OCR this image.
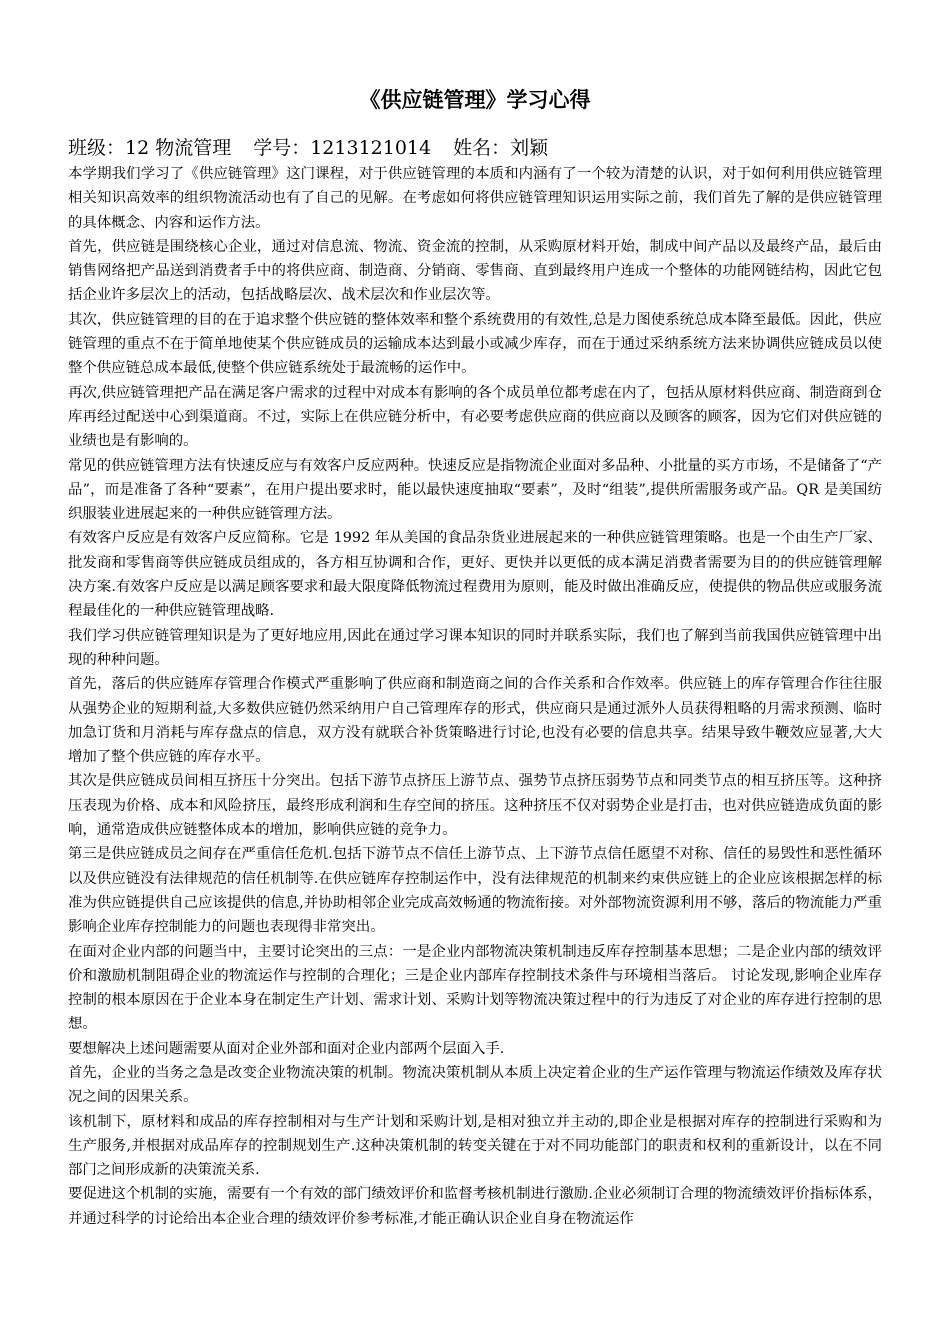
《供应链管理》学习心得
班级：12 物流管理 学号：1213121014 姓名：刘颖

本学期我们学习了《供应链管理》这门课程，对于供应链管理的本质和内涵有了一个较为清楚的认识，对于如何利用供应链管理相关知识高效率的组织物流活动也有了自己的见解。在考虑如何将供应链管理知识运用实际之前，我们首先了解的是供应链管理的具体概念、内容和运作方法。

首先，供应链是围绕核心企业，通过对信息流、物流、资金流的控制，从采购原材料开始，制成中间产品以及最终产品，最后由销售网络把产品送到消费者手中的将供应商、制造商、分销商、零售商、直到最终用户连成一个整体的功能网链结构，因此它包括企业许多层次上的活动，包括战略层次、战术层次和作业层次等。

其次，供应链管理的目的在于追求整个供应链的整体效率和整个系统费用的有效性,总是力图使系统总成本降至最低。因此，供应链管理的重点不在于简单地使某个供应链成员的运输成本达到最小或减少库存，而在于通过采纳系统方法来协调供应链成员以使整个供应链总成本最低,使整个供应链系统处于最流畅的运作中。

再次,供应链管理把产品在满足客户需求的过程中对成本有影响的各个成员单位都考虑在内了，包括从原材料供应商、制造商到仓库再经过配送中心到渠道商。不过，实际上在供应链分析中，有必要考虑供应商的供应商以及顾客的顾客，因为它们对供应链的业绩也是有影响的。

常见的供应链管理方法有快速反应与有效客户反应两种。快速反应是指物流企业面对多品种、小批量的买方市场，不是储备了“产品”，而是准备了各种“要素”，在用户提出要求时，能以最快速度抽取“要素”，及时“组装”,提供所需服务或产品。QR 是美国纺织服装业进展起来的一种供应链管理方法。

有效客户反应是有效客户反应简称。它是 1992 年从美国的食品杂货业进展起来的一种供应链管理策略。也是一个由生产厂家、批发商和零售商等供应链成员组成的，各方相互协调和合作，更好、更快并以更低的成本满足消费者需要为目的的供应链管理解决方案.有效客户反应是以满足顾客要求和最大限度降低物流过程费用为原则，能及时做出准确反应，使提供的物品供应或服务流程最佳化的一种供应链管理战略.

我们学习供应链管理知识是为了更好地应用,因此在通过学习课本知识的同时并联系实际，我们也了解到当前我国供应链管理中出现的种种问题。

首先，落后的供应链库存管理合作模式严重影响了供应商和制造商之间的合作关系和合作效率。供应链上的库存管理合作往往服从强势企业的短期利益,大多数供应链仍然采纳用户自己管理库存的形式，供应商只是通过派外人员获得粗略的月需求预测、临时加急订货和月消耗与库存盘点的信息，双方没有就联合补货策略进行讨论,也没有必要的信息共享。结果导致牛鞭效应显著,大大增加了整个供应链的库存水平。

其次是供应链成员间相互挤压十分突出。包括下游节点挤压上游节点、强势节点挤压弱势节点和同类节点的相互挤压等。这种挤压表现为价格、成本和风险挤压，最终形成利润和生存空间的挤压。这种挤压不仅对弱势企业是打击，也对供应链造成负面的影响，通常造成供应链整体成本的增加，影响供应链的竞争力。

第三是供应链成员之间存在严重信任危机.包括下游节点不信任上游节点、上下游节点信任愿望不对称、信任的易毁性和恶性循环以及供应链没有法律规范的信任机制等.在供应链库存控制运作中，没有法律规范的机制来约束供应链上的企业应该根据怎样的标准为供应链提供自己应该提供的信息,并协助相邻企业完成高效畅通的物流衔接。对外部物流资源利用不够，落后的物流能力严重影响企业库存控制能力的问题也表现得非常突出。

在面对企业内部的问题当中，主要讨论突出的三点：一是企业内部物流决策机制违反库存控制基本思想；二是企业内部的绩效评价和激励机制阻碍企业的物流运作与控制的合理化；三是企业内部库存控制技术条件与环境相当落后。 讨论发现,影响企业库存控制的根本原因在于企业本身在制定生产计划、需求计划、采购计划等物流决策过程中的行为违反了对企业的库存进行控制的思想。

要想解决上述问题需要从面对企业外部和面对企业内部两个层面入手.

首先，企业的当务之急是改变企业物流决策的机制。物流决策机制从本质上决定着企业的生产运作管理与物流运作绩效及库存状况之间的因果关系。

该机制下，原材料和成品的库存控制相对与生产计划和采购计划,是相对独立并主动的,即企业是根据对库存的控制进行采购和为生产服务,并根据对成品库存的控制规划生产.这种决策机制的转变关键在于对不同功能部门的职责和权利的重新设计，以在不同部门之间形成新的决策流关系.

要促进这个机制的实施，需要有一个有效的部门绩效评价和监督考核机制进行激励.企业必须制订合理的物流绩效评价指标体系，并通过科学的讨论给出本企业合理的绩效评价参考标准,才能正确认识企业自身在物流运作
